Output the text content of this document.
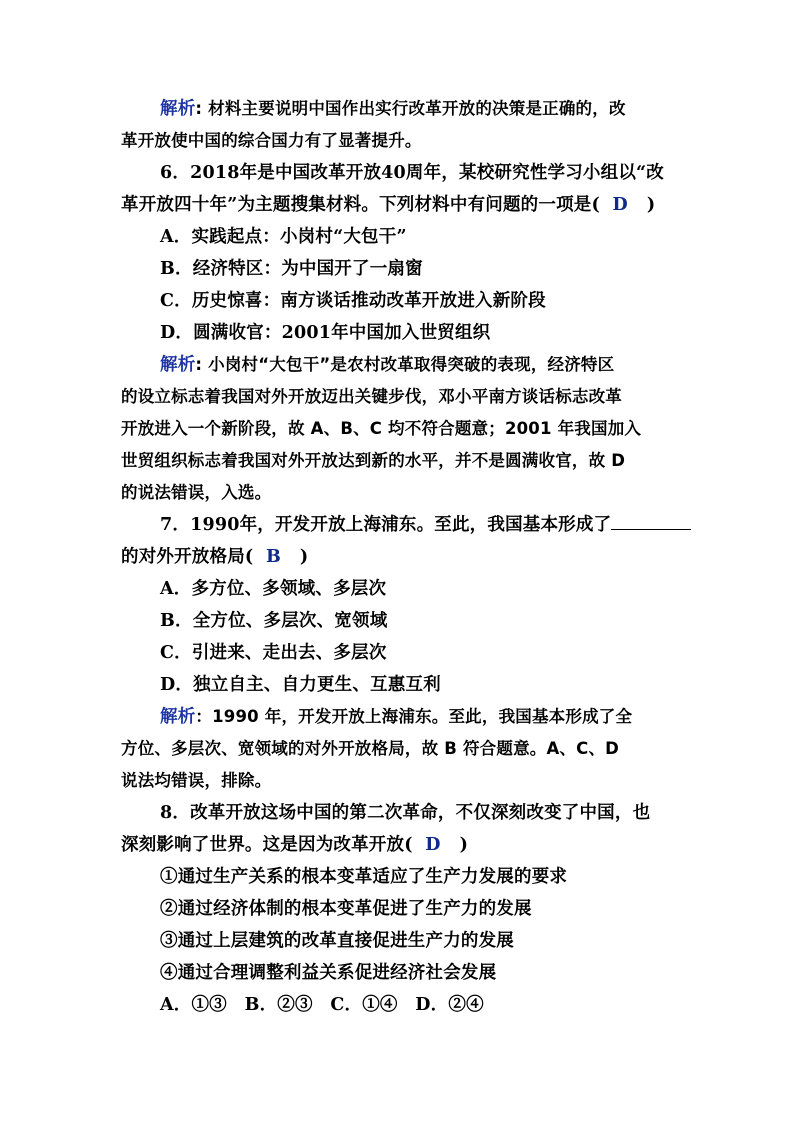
解析: 材料主要说明中国作出实行改革开放的决策是正确的，改
革开放使中国的综合国力有了显著提升。
6．2018年是中国改革开放40周年，某校研究性学习小组以“改
革开放四十年”为主题搜集材料。下列材料中有问题的一项是( D )
A．实践起点：小岗村“大包干”
B．经济特区：为中国开了一扇窗
C．历史惊喜：南方谈话推动改革开放进入新阶段
D．圆满收官：2001年中国加入世贸组织
解析: 小岗村“大包干”是农村改革取得突破的表现，经济特区
的设立标志着我国对外开放迈出关键步伐，邓小平南方谈话标志改革
开放进入一个新阶段，故 A、B、C 均不符合题意；2001 年我国加入
世贸组织标志着我国对外开放达到新的水平，并不是圆满收官，故 D
的说法错误，入选。
7．1990年，开发开放上海浦东。至此，我国基本形成了
的对外开放格局( B )
A．多方位、多领域、多层次
B．全方位、多层次、宽领域
C．引进来、走出去、多层次
D．独立自主、自力更生、互惠互利
解析：1990 年，开发开放上海浦东。至此，我国基本形成了全
方位、多层次、宽领域的对外开放格局，故 B 符合题意。A、C、D
说法均错误，排除。
8．改革开放这场中国的第二次革命，不仅深刻改变了中国，也
深刻影响了世界。这是因为改革开放( D )
①通过生产关系的根本变革适应了生产力发展的要求
②通过经济体制的根本变革促进了生产力的发展
③通过上层建筑的改革直接促进生产力的发展
④通过合理调整利益关系促进经济社会发展
A．①③　B．②③　C．①④　D．②④
